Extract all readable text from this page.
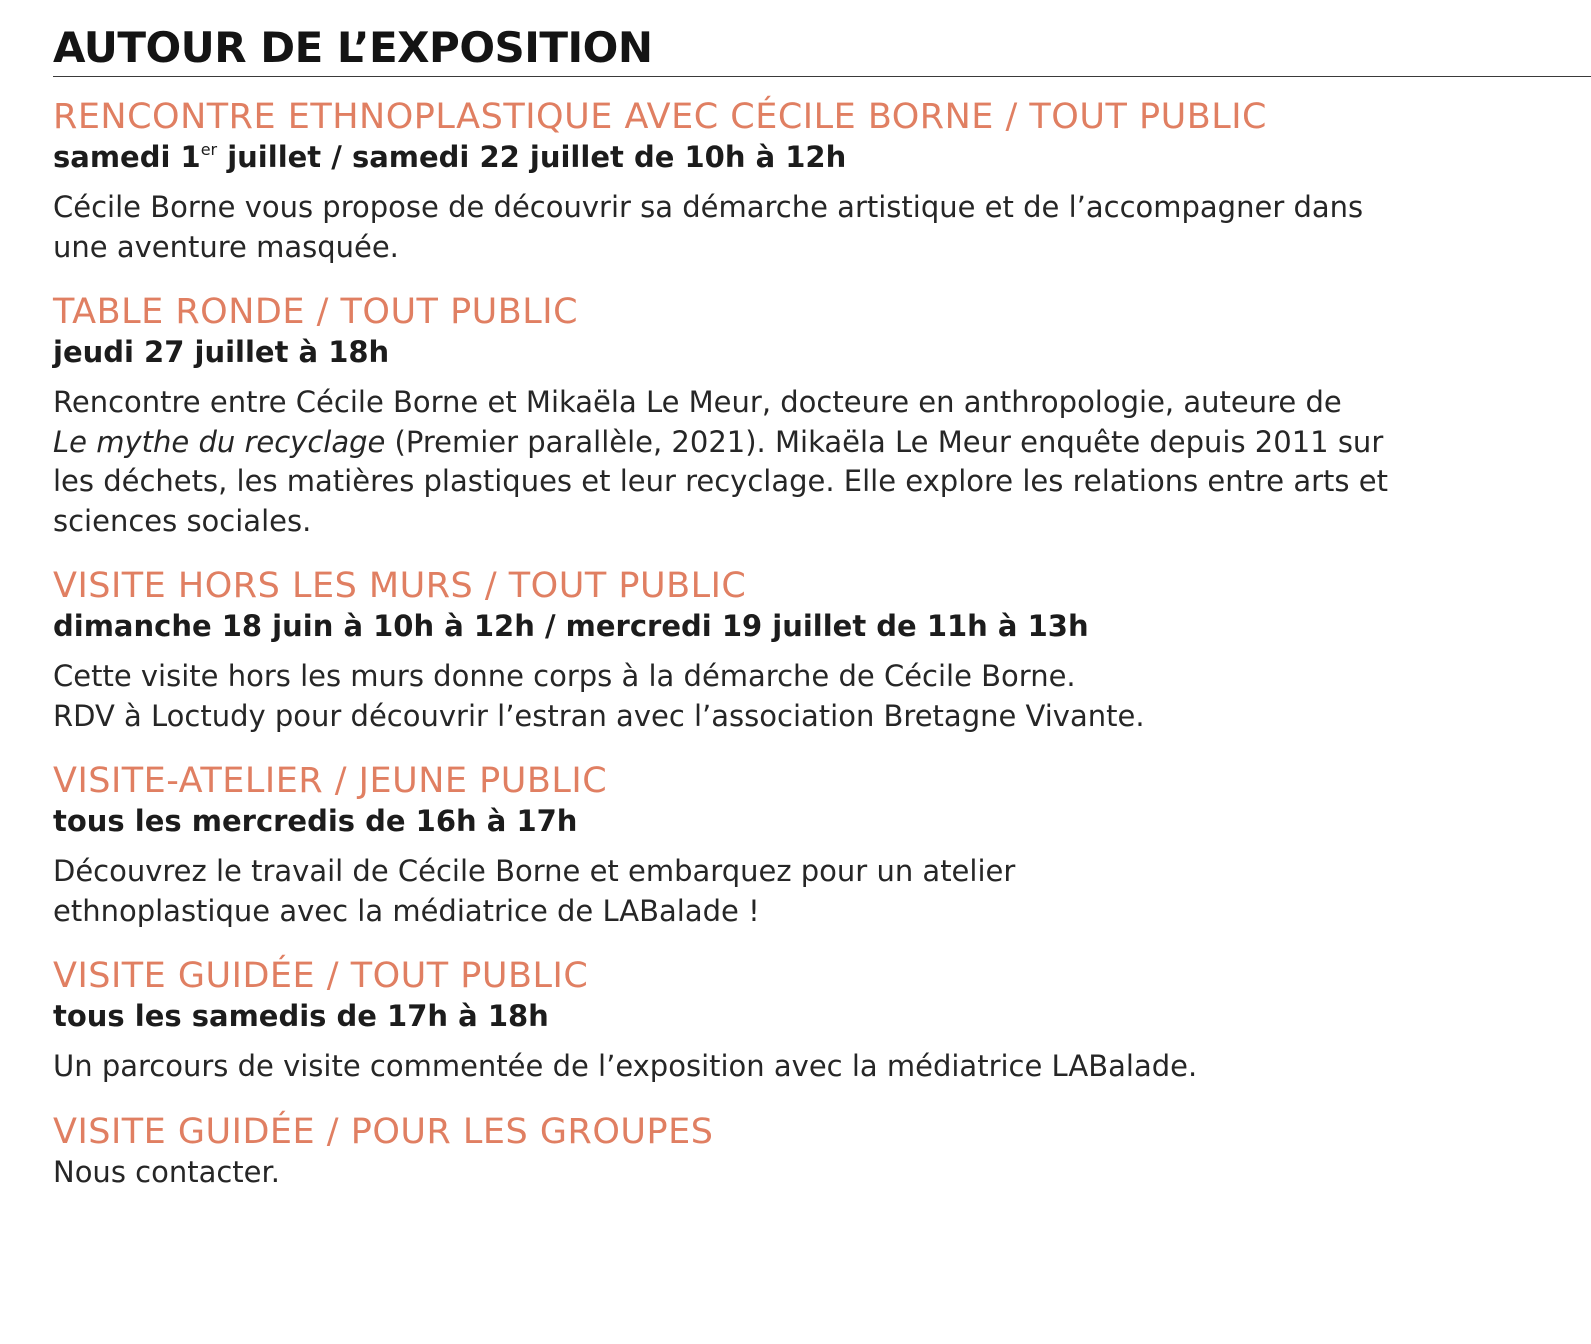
AUTOUR DE L’EXPOSITION
RENCONTRE ETHNOPLASTIQUE AVEC CÉCILE BORNE / TOUT PUBLIC
samedi 1er juillet / samedi 22 juillet de 10h à 12h
Cécile Borne vous propose de découvrir sa démarche artistique et de l’accompagner dans
une aventure masquée.
TABLE RONDE / TOUT PUBLIC
jeudi 27 juillet à 18h
Rencontre entre Cécile Borne et Mikaëla Le Meur, docteure en anthropologie, auteure de
Le mythe du recyclage (Premier parallèle, 2021). Mikaëla Le Meur enquête depuis 2011 sur
les déchets, les matières plastiques et leur recyclage. Elle explore les relations entre arts et
sciences sociales.
VISITE HORS LES MURS / TOUT PUBLIC
dimanche 18 juin à 10h à 12h / mercredi 19 juillet de 11h à 13h
Cette visite hors les murs donne corps à la démarche de Cécile Borne.
RDV à Loctudy pour découvrir l’estran avec l’association Bretagne Vivante.
VISITE-ATELIER / JEUNE PUBLIC
tous les mercredis de 16h à 17h
Découvrez le travail de Cécile Borne et embarquez pour un atelier
ethnoplastique avec la médiatrice de LABalade !
VISITE GUIDÉE / TOUT PUBLIC
tous les samedis de 17h à 18h
Un parcours de visite commentée de l’exposition avec la médiatrice LABalade.
VISITE GUIDÉE / POUR LES GROUPES
Nous contacter.
